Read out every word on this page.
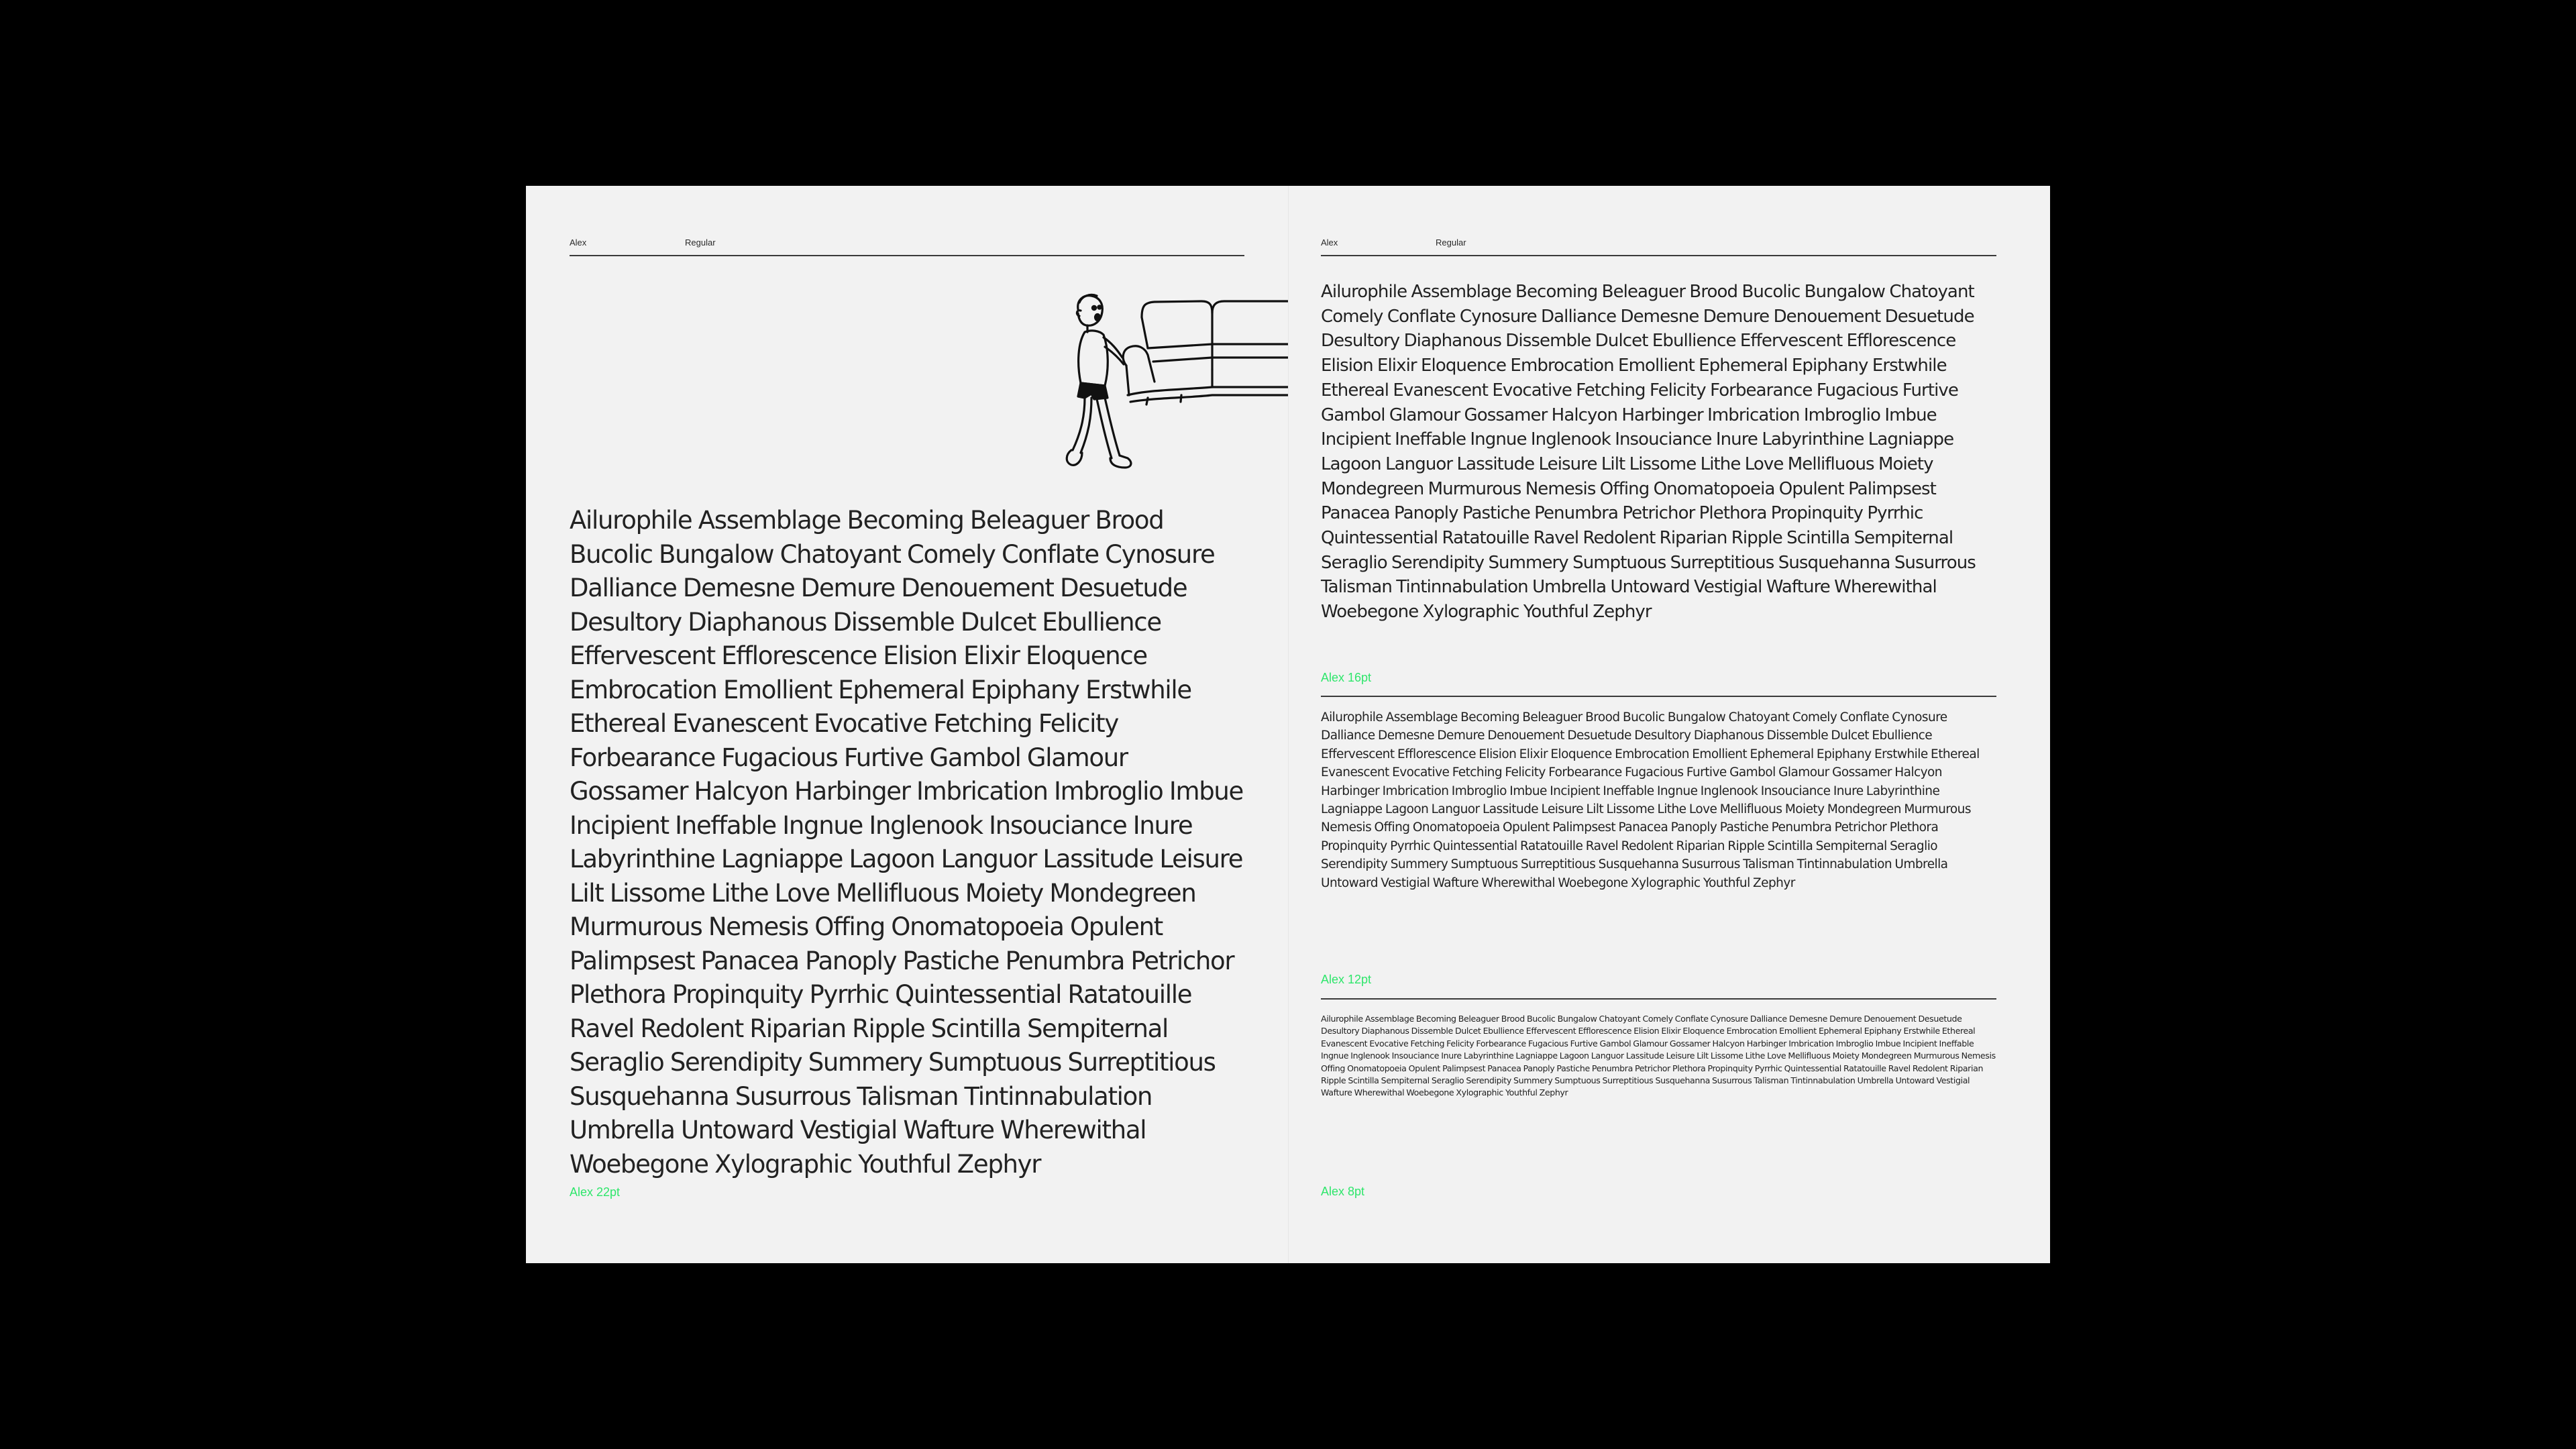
Alex	Regular
Ailurophile Assemblage Becoming Beleaguer Brood Bucolic Bungalow Chatoyant Comely Conflate Cynosure Dalliance Demesne Demure Denouement Desuetude Desultory Diaphanous Dissemble Dulcet Ebullience Effervescent Efflorescence Elision Elixir Eloquence Embrocation Emollient Ephemeral Epiphany Erstwhile Ethereal Evanescent Evocative Fetching Felicity Forbearance Fugacious Furtive Gambol Glamour Gossamer Halcyon Harbinger Imbrication Imbroglio Imbue Incipient Ineffable Ingnue Inglenook Insouciance Inure Labyrinthine Lagniappe Lagoon Languor Lassitude Leisure Lilt Lissome Lithe Love Mellifluous Moiety Mondegreen Murmurous Nemesis Offing Onomatopoeia Opulent Palimpsest Panacea Panoply Pastiche Penumbra Petrichor Plethora Propinquity Pyrrhic Quintessential Ratatouille Ravel Redolent Riparian Ripple Scintilla Sempiternal Seraglio Serendipity Summery Sumptuous Surreptitious Susquehanna Susurrous Talisman Tintinnabulation Umbrella Untoward Vestigial Wafture Wherewithal Woebegone Xylographic Youthful Zephyr
Alex 22pt
Alex	Regular
Ailurophile Assemblage Becoming Beleaguer Brood Bucolic Bungalow Chatoyant Comely Conflate Cynosure Dalliance Demesne Demure Denouement Desuetude Desultory Diaphanous Dissemble Dulcet Ebullience Effervescent Efflorescence Elision Elixir Eloquence Embrocation Emollient Ephemeral Epiphany Erstwhile Ethereal Evanescent Evocative Fetching Felicity Forbearance Fugacious Furtive Gambol Glamour Gossamer Halcyon Harbinger Imbrication Imbroglio Imbue Incipient Ineffable Ingnue Inglenook Insouciance Inure Labyrinthine Lagniappe Lagoon Languor Lassitude Leisure Lilt Lissome Lithe Love Mellifluous Moiety Mondegreen Murmurous Nemesis Offing Onomatopoeia Opulent Palimpsest Panacea Panoply Pastiche Penumbra Petrichor Plethora Propinquity Pyrrhic Quintessential Ratatouille Ravel Redolent Riparian Ripple Scintilla Sempiternal Seraglio Serendipity Summery Sumptuous Surreptitious Susquehanna Susurrous Talisman Tintinnabulation Umbrella Untoward Vestigial Wafture Wherewithal Woebegone Xylographic Youthful Zephyr
Alex 16pt
Ailurophile Assemblage Becoming Beleaguer Brood Bucolic Bungalow Chatoyant Comely Conflate Cynosure Dalliance Demesne Demure Denouement Desuetude Desultory Diaphanous Dissemble Dulcet Ebullience Effervescent Efflorescence Elision Elixir Eloquence Embrocation Emollient Ephemeral Epiphany Erstwhile Ethereal Evanescent Evocative Fetching Felicity Forbearance Fugacious Furtive Gambol Glamour Gossamer Halcyon Harbinger Imbrication Imbroglio Imbue Incipient Ineffable Ingnue Inglenook Insouciance Inure Labyrinthine Lagniappe Lagoon Languor Lassitude Leisure Lilt Lissome Lithe Love Mellifluous Moiety Mondegreen Murmurous Nemesis Offing Onomatopoeia Opulent Palimpsest Panacea Panoply Pastiche Penumbra Petrichor Plethora Propinquity Pyrrhic Quintessential Ratatouille Ravel Redolent Riparian Ripple Scintilla Sempiternal Seraglio Serendipity Summery Sumptuous Surreptitious Susquehanna Susurrous Talisman Tintinnabulation Umbrella Untoward Vestigial Wafture Wherewithal Woebegone Xylographic Youthful Zephyr
Alex 12pt
Ailurophile Assemblage Becoming Beleaguer Brood Bucolic Bungalow Chatoyant Comely Conflate Cynosure Dalliance Demesne Demure Denouement Desuetude Desultory Diaphanous Dissemble Dulcet Ebullience Effervescent Efflorescence Elision Elixir Eloquence Embrocation Emollient Ephemeral Epiphany Erstwhile Ethereal Evanescent Evocative Fetching Felicity Forbearance Fugacious Furtive Gambol Glamour Gossamer Halcyon Harbinger Imbrication Imbroglio Imbue Incipient Ineffable Ingnue Inglenook Insouciance Inure Labyrinthine Lagniappe Lagoon Languor Lassitude Leisure Lilt Lissome Lithe Love Mellifluous Moiety Mondegreen Murmurous Nemesis Offing Onomatopoeia Opulent Palimpsest Panacea Panoply Pastiche Penumbra Petrichor Plethora Propinquity Pyrrhic Quintessential Ratatouille Ravel Redolent Riparian Ripple Scintilla Sempiternal Seraglio Serendipity Summery Sumptuous Surreptitious Susquehanna Susurrous Talisman Tintinnabulation Umbrella Untoward Vestigial Wafture Wherewithal Woebegone Xylographic Youthful Zephyr
Alex 8pt
